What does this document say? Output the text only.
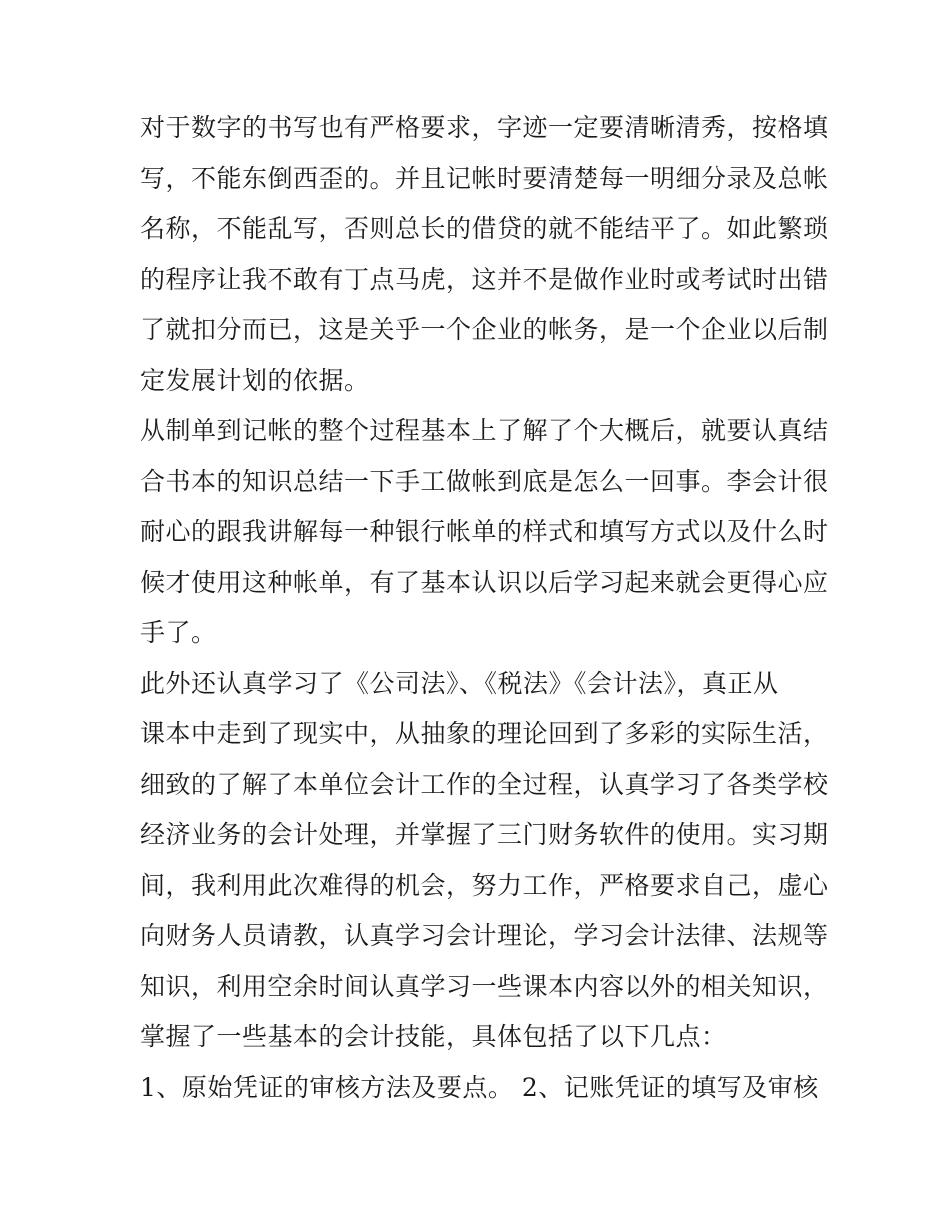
对于数字的书写也有严格要求，字迹一定要清晰清秀，按格填
写，不能东倒西歪的。并且记帐时要清楚每一明细分录及总帐
名称，不能乱写，否则总长的借贷的就不能结平了。如此繁琐
的程序让我不敢有丁点马虎，这并不是做作业时或考试时出错
了就扣分而已，这是关乎一个企业的帐务，是一个企业以后制
定发展计划的依据。
从制单到记帐的整个过程基本上了解了个大概后，就要认真结
合书本的知识总结一下手工做帐到底是怎么一回事。李会计很
耐心的跟我讲解每一种银行帐单的样式和填写方式以及什么时
候才使用这种帐单，有了基本认识以后学习起来就会更得心应
手了。
此外还认真学习了《公司法》、《税法》《会计法》，真正从
课本中走到了现实中，从抽象的理论回到了多彩的实际生活，
细致的了解了本单位会计工作的全过程，认真学习了各类学校
经济业务的会计处理，并掌握了三门财务软件的使用。实习期
间，我利用此次难得的机会，努力工作，严格要求自己，虚心
向财务人员请教，认真学习会计理论，学习会计法律、法规等
知识，利用空余时间认真学习一些课本内容以外的相关知识，
掌握了一些基本的会计技能，具体包括了以下几点：
1、原始凭证的审核方法及要点。 2、记账凭证的填写及审核
